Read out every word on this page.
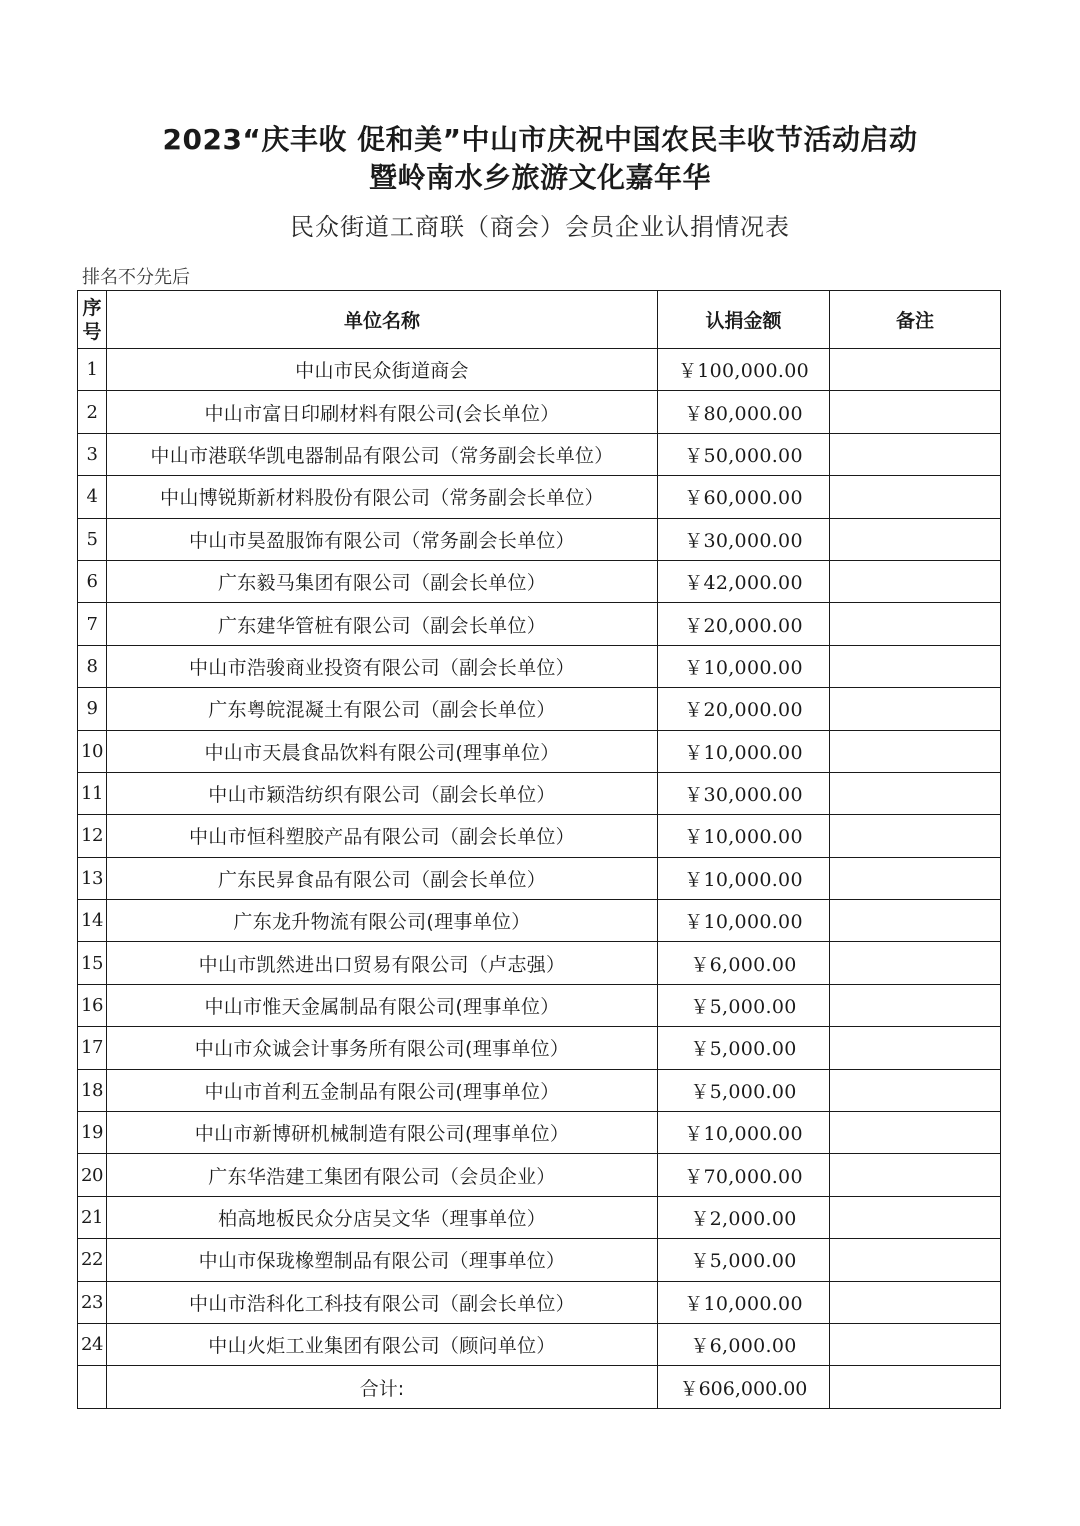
2023“庆丰收 促和美”中山市庆祝中国农民丰收节活动启动
暨岭南水乡旅游文化嘉年华
民众街道工商联（商会）会员企业认捐情况表
排名不分先后
序号	单位名称	认捐金额	备注
1	中山市民众街道商会	￥100,000.00	
2	中山市富日印刷材料有限公司(会长单位）	￥80,000.00	
3	中山市港联华凯电器制品有限公司（常务副会长单位）	￥50,000.00	
4	中山博锐斯新材料股份有限公司（常务副会长单位）	￥60,000.00	
5	中山市昊盈服饰有限公司（常务副会长单位）	￥30,000.00	
6	广东毅马集团有限公司（副会长单位）	￥42,000.00	
7	广东建华管桩有限公司（副会长单位）	￥20,000.00	
8	中山市浩骏商业投资有限公司（副会长单位）	￥10,000.00	
9	广东粤皖混凝土有限公司（副会长单位）	￥20,000.00	
10	中山市天晨食品饮料有限公司(理事单位）	￥10,000.00	
11	中山市颖浩纺织有限公司（副会长单位）	￥30,000.00	
12	中山市恒科塑胶产品有限公司（副会长单位）	￥10,000.00	
13	广东民昇食品有限公司（副会长单位）	￥10,000.00	
14	广东龙升物流有限公司(理事单位）	￥10,000.00	
15	中山市凯然进出口贸易有限公司（卢志强）	￥6,000.00	
16	中山市惟天金属制品有限公司(理事单位）	￥5,000.00	
17	中山市众诚会计事务所有限公司(理事单位）	￥5,000.00	
18	中山市首利五金制品有限公司(理事单位）	￥5,000.00	
19	中山市新博研机械制造有限公司(理事单位）	￥10,000.00	
20	广东华浩建工集团有限公司（会员企业）	￥70,000.00	
21	柏高地板民众分店吴文华（理事单位）	￥2,000.00	
22	中山市保珑橡塑制品有限公司（理事单位）	￥5,000.00	
23	中山市浩科化工科技有限公司（副会长单位）	￥10,000.00	
24	中山火炬工业集团有限公司（顾问单位）	￥6,000.00	
	合计:	￥606,000.00	
